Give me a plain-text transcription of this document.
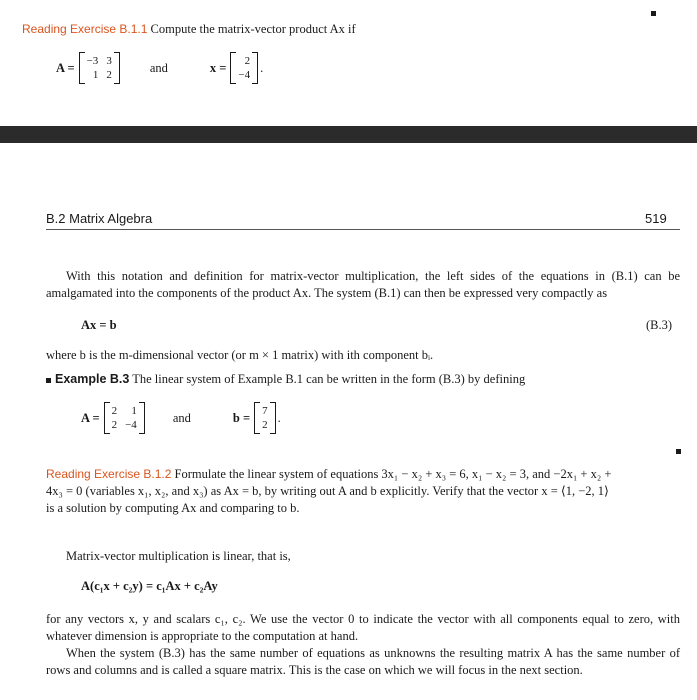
Reading Exercise B.1.1 Compute the matrix-vector product Ax if
A = −3 3
1 2
and	x =	2
−4
.
B.2 Matrix Algebra	519
With this notation and definition for matrix-vector multiplication, the left sides of the equations in (B.1) can be amalgamated into the components of the product Ax. The system (B.1) can then be expressed very compactly as
Ax = b	(B.3)
where b is the m-dimensional vector (or m × 1 matrix) with ith component bᵢ.
Example B.3 The linear system of Example B.1 can be written in the form (B.3) by defining
A = 2	1
2 −4
and	b = 7
2
.
Reading Exercise B.1.2 Formulate the linear system of equations 3x₁ − x₂ + x₃ = 6, x₁ − x₂ = 3, and −2x₁ + x₂ +
4x₃ = 0 (variables x₁, x₂, and x₃) as Ax = b, by writing out A and b explicitly. Verify that the vector x = ⟨1, −2, 1⟩
is a solution by computing Ax and comparing to b.
Matrix-vector multiplication is linear, that is,
A(c₁x + c₂y) = c₁Ax + c₂Ay
for any vectors x, y and scalars c₁, c₂. We use the vector 0 to indicate the vector with all components equal to zero, with whatever dimension is appropriate to the computation at hand.
When the system (B.3) has the same number of equations as unknowns the resulting matrix A has the same number of rows and columns and is called a square matrix. This is the case on which we will focus in the next section.
